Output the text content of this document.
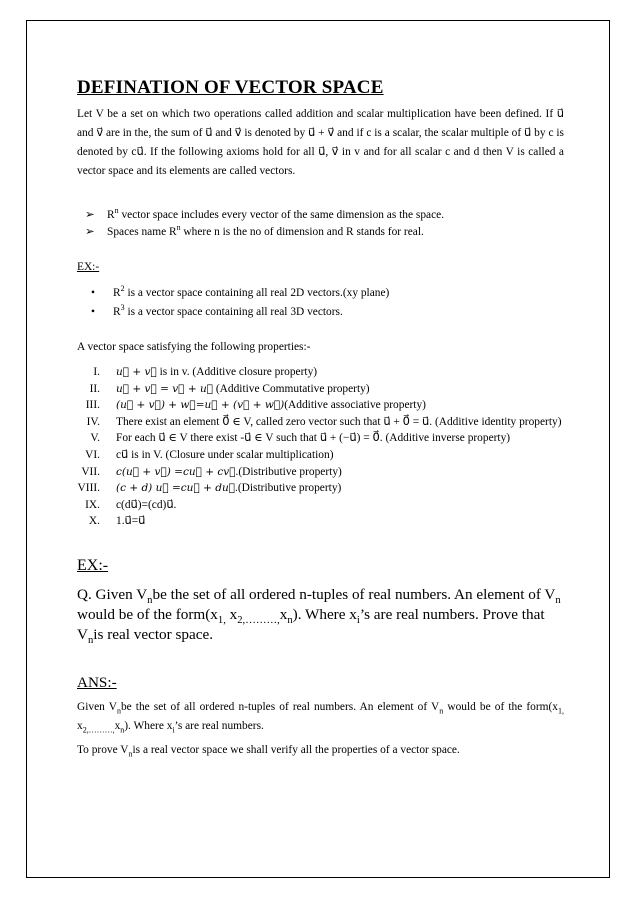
DEFINATION OF VECTOR SPACE

Let V be a set on which two operations called addition and scalar multiplication have been defined. If u⃗ and v⃗ are in the, the sum of u⃗ and v⃗ is denoted by u⃗ + v⃗ and if c is a scalar, the scalar multiple of u⃗ by c is denoted by cu⃗. If the following axioms hold for all u⃗, v⃗ in v and for all scalar c and d then V is called a vector space and its elements are called vectors.

➢ $R^n$ vector space includes every vector of the same dimension as the space.
➢ Spaces name $R^n$ where n is the no of dimension and R stands for real.

EX:-

• $R^2$ is a vector space containing all real 2D vectors.(xy plane)
• $R^3$ is a vector space containing all real 3D vectors.

A vector space satisfying the following properties:-

I. u⃗ + v⃗ is in v. (Additive closure property)
II. u⃗ + v⃗ = v⃗ + u⃗ (Additive Commutative property)
III. (u⃗ + v⃗) + w⃗=u⃗ + (v⃗ + w⃗)(Additive associative property)
IV. There exist an element 0⃗ ∈ V, called zero vector such that u⃗ + 0⃗ = u⃗. (Additive identity property)
V. For each u⃗ ∈ V there exist -u⃗ ∈ V such that u⃗ + (−u⃗) = 0⃗. (Additive inverse property)
VI. cu⃗ is in V. (Closure under scalar multiplication)
VII. c(u⃗ + v⃗) =cu⃗ + cv⃗.(Distributive property)
VIII. (c + d) u⃗ =cu⃗ + du⃗.(Distributive property)
IX. c(du⃗)=(cd)u⃗.
X. 1.u⃗=u⃗

EX:-

Q. Given $V_nbe$ the set of all ordered n-tuples of real numbers. An element of $V_n$ would be of the $form(x_{1,}$ $x_{2,\dots\dots\dots,}x_n$). Where $x_i’s$ are real numbers. Prove that $V_nis$ real vector space.

ANS:-

Given $V_nbe$ the set of all ordered n-tuples of real numbers. An element of $V_n$ would be of the $form(x_{1,}$ $x_{2,\dots\dots\dots,}x_n$). Where $x_i’s$ are real numbers.

To prove $V_nis$ a real vector space we shall verify all the properties of a vector space.
